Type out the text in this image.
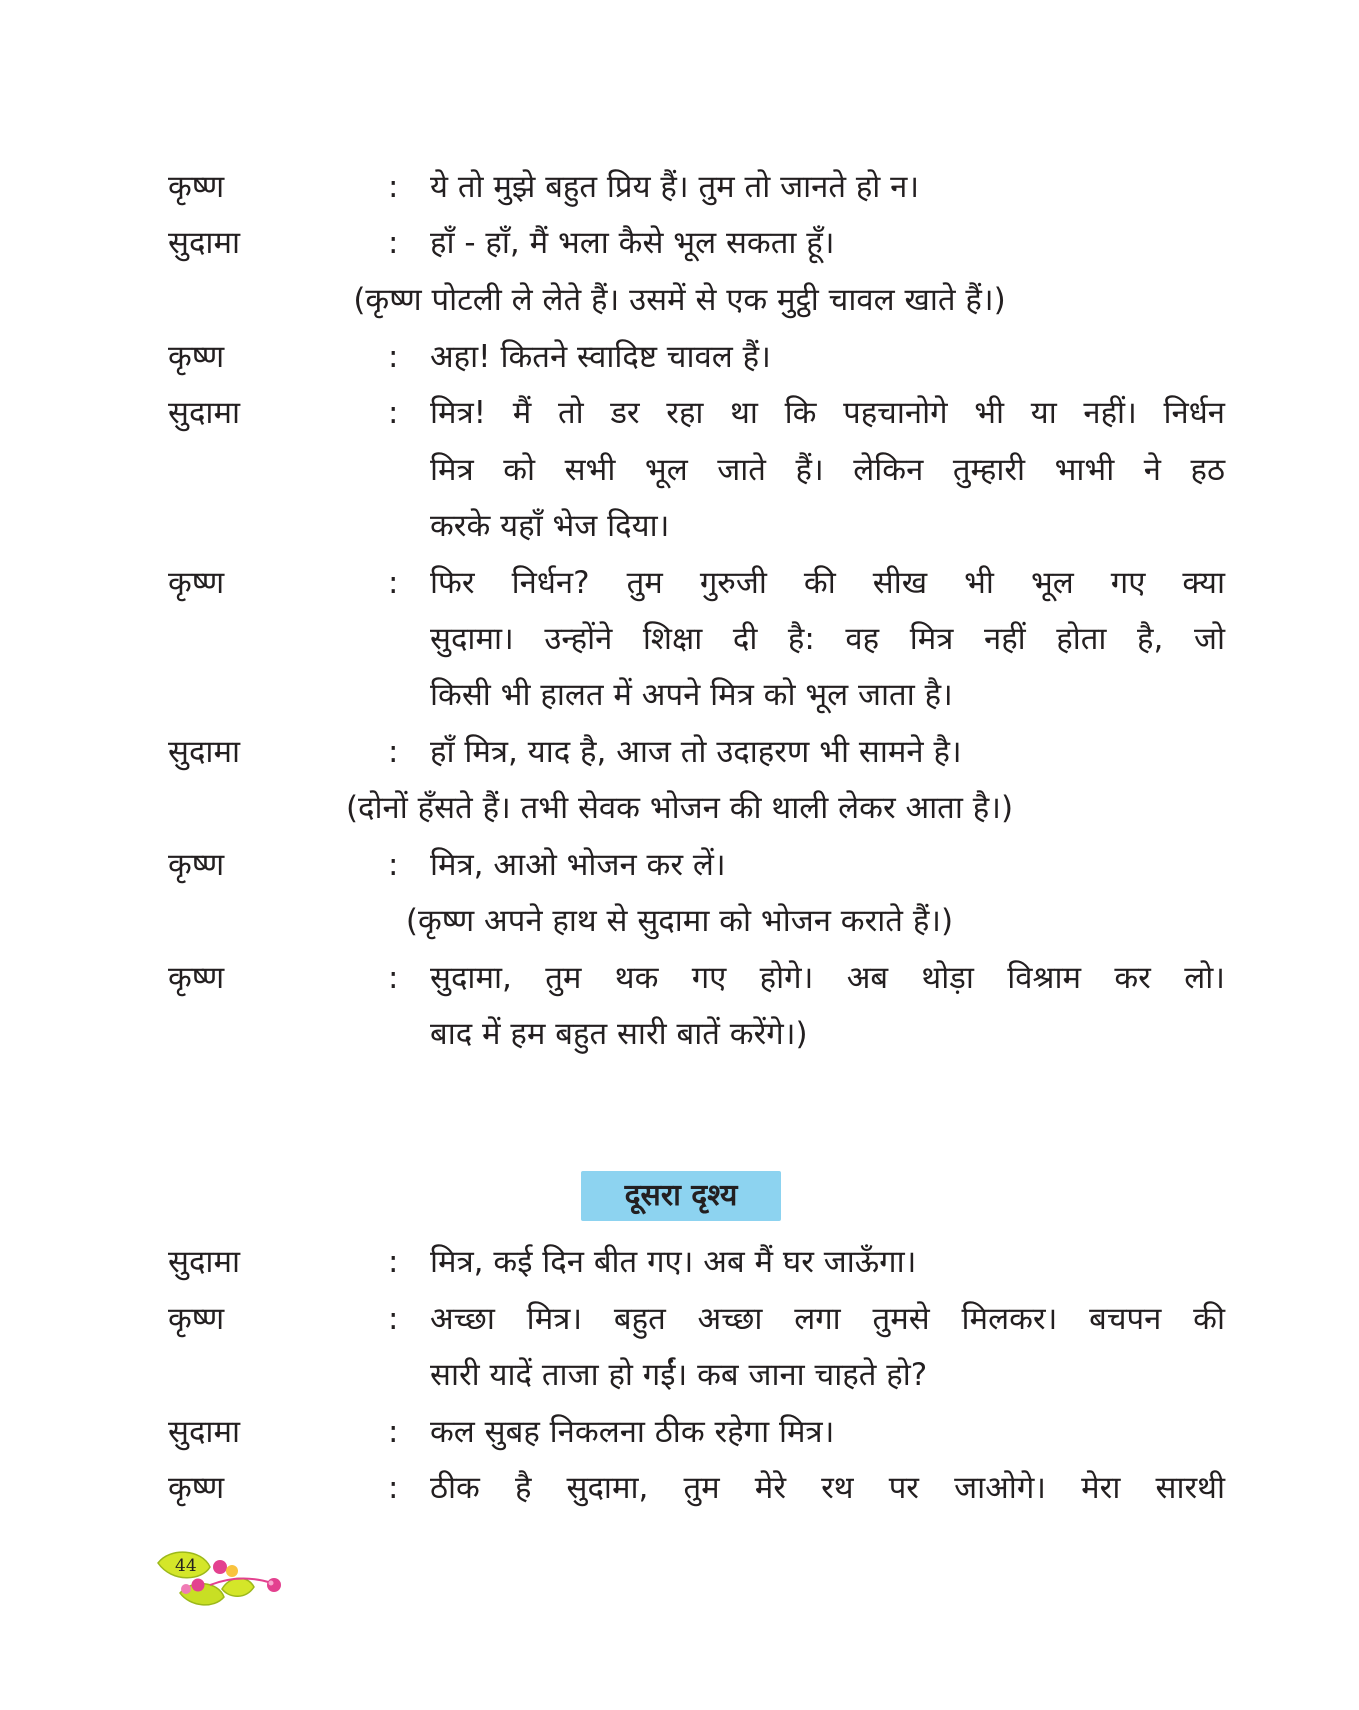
कृष्ण	: ये तो मुझे बहुत प्रिय हैं। तुम तो जानते हो न।
सुदामा	: हाँ - हाँ, मैं भला कैसे भूल सकता हूँ।
(कृष्ण पोटली ले लेते हैं। उसमें से एक मुट्ठी चावल खाते हैं।)
कृष्ण	: अहा! कितने स्वादिष्ट चावल हैं।
सुदामा	: मित्र! मैं तो डर रहा था कि पहचानोगे भी या नहीं। निर्धन
मित्र को सभी भूल जाते हैं। लेकिन तुम्हारी भाभी ने हठ
करके यहाँ भेज दिया।
कृष्ण	: फिर निर्धन? तुम गुरुजी की सीख भी भूल गए क्या
सुदामा। उन्होंने शिक्षा दी है: वह मित्र नहीं होता है, जो
किसी भी हालत में अपने मित्र को भूल जाता है।
सुदामा	: हाँ मित्र, याद है, आज तो उदाहरण भी सामने है।
(दोनों हँसते हैं। तभी सेवक भोजन की थाली लेकर आता है।)
कृष्ण	: मित्र, आओ भोजन कर लें।
(कृष्ण अपने हाथ से सुदामा को भोजन कराते हैं।)
कृष्ण	: सुदामा, तुम थक गए होगे। अब थोड़ा विश्राम कर लो।
बाद में हम बहुत सारी बातें करेंगे।)
दूसरा दृश्य
सुदामा	: मित्र, कई दिन बीत गए। अब मैं घर जाऊँगा।
कृष्ण	: अच्छा मित्र। बहुत अच्छा लगा तुमसे मिलकर। बचपन की
सारी यादें ताजा हो गईं। कब जाना चाहते हो?
सुदामा	: कल सुबह निकलना ठीक रहेगा मित्र।
कृष्ण	: ठीक है सुदामा, तुम मेरे रथ पर जाओगे। मेरा सारथी
44
